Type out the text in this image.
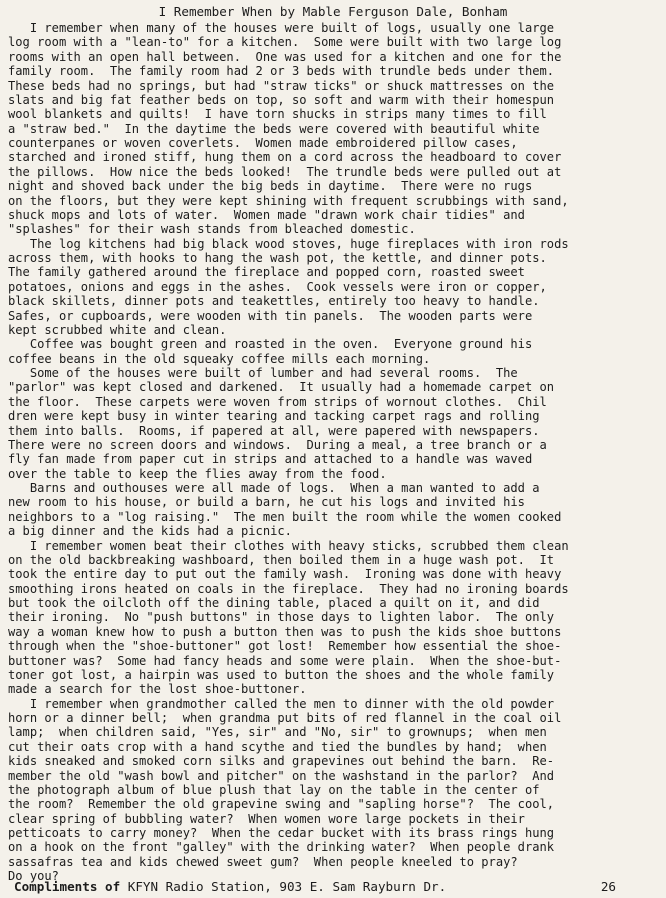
I Remember When by Mable Ferguson Dale, Bonham
I remember when many of the houses were built of logs, usually one large
log room with a "lean-to" for a kitchen.  Some were built with two large log
rooms with an open hall between.  One was used for a kitchen and one for the
family room.  The family room had 2 or 3 beds with trundle beds under them.
These beds had no springs, but had "straw ticks" or shuck mattresses on the
slats and big fat feather beds on top, so soft and warm with their homespun
wool blankets and quilts!  I have torn shucks in strips many times to fill
a "straw bed."  In the daytime the beds were covered with beautiful white
counterpanes or woven coverlets.  Women made embroidered pillow cases,
starched and ironed stiff, hung them on a cord across the headboard to cover
the pillows.  How nice the beds looked!  The trundle beds were pulled out at
night and shoved back under the big beds in daytime.  There were no rugs
on the floors, but they were kept shining with frequent scrubbings with sand,
shuck mops and lots of water.  Women made "drawn work chair tidies" and
"splashes" for their wash stands from bleached domestic.
The log kitchens had big black wood stoves, huge fireplaces with iron rods
across them, with hooks to hang the wash pot, the kettle, and dinner pots.
The family gathered around the fireplace and popped corn, roasted sweet
potatoes, onions and eggs in the ashes.  Cook vessels were iron or copper,
black skillets, dinner pots and teakettles, entirely too heavy to handle.
Safes, or cupboards, were wooden with tin panels.  The wooden parts were
kept scrubbed white and clean.
Coffee was bought green and roasted in the oven.  Everyone ground his
coffee beans in the old squeaky coffee mills each morning.
Some of the houses were built of lumber and had several rooms.  The
"parlor" was kept closed and darkened.  It usually had a homemade carpet on
the floor.  These carpets were woven from strips of wornout clothes.  Chil
dren were kept busy in winter tearing and tacking carpet rags and rolling
them into balls.  Rooms, if papered at all, were papered with newspapers.
There were no screen doors and windows.  During a meal, a tree branch or a
fly fan made from paper cut in strips and attached to a handle was waved
over the table to keep the flies away from the food.
Barns and outhouses were all made of logs.  When a man wanted to add a
new room to his house, or build a barn, he cut his logs and invited his
neighbors to a "log raising."  The men built the room while the women cooked
a big dinner and the kids had a picnic.
I remember women beat their clothes with heavy sticks, scrubbed them clean
on the old backbreaking washboard, then boiled them in a huge wash pot.  It
took the entire day to put out the family wash.  Ironing was done with heavy
smoothing irons heated on coals in the fireplace.  They had no ironing boards
but took the oilcloth off the dining table, placed a quilt on it, and did
their ironing.  No "push buttons" in those days to lighten labor.  The only
way a woman knew how to push a button then was to push the kids shoe buttons
through when the "shoe-buttoner" got lost!  Remember how essential the shoe-
buttoner was?  Some had fancy heads and some were plain.  When the shoe-but-
toner got lost, a hairpin was used to button the shoes and the whole family
made a search for the lost shoe-buttoner.
I remember when grandmother called the men to dinner with the old powder
horn or a dinner bell;  when grandma put bits of red flannel in the coal oil
lamp;  when children said, "Yes, sir" and "No, sir" to grownups;  when men
cut their oats crop with a hand scythe and tied the bundles by hand;  when
kids sneaked and smoked corn silks and grapevines out behind the barn.  Re-
member the old "wash bowl and pitcher" on the washstand in the parlor?  And
the photograph album of blue plush that lay on the table in the center of
the room?  Remember the old grapevine swing and "sapling horse"?  The cool,
clear spring of bubbling water?  When women wore large pockets in their
petticoats to carry money?  When the cedar bucket with its brass rings hung
on a hook on the front "galley" with the drinking water?  When people drank
sassafras tea and kids chewed sweet gum?  When people kneeled to pray?
Do you?
Compliments of KFYN Radio Station, 903 E. Sam Rayburn Dr.	26
